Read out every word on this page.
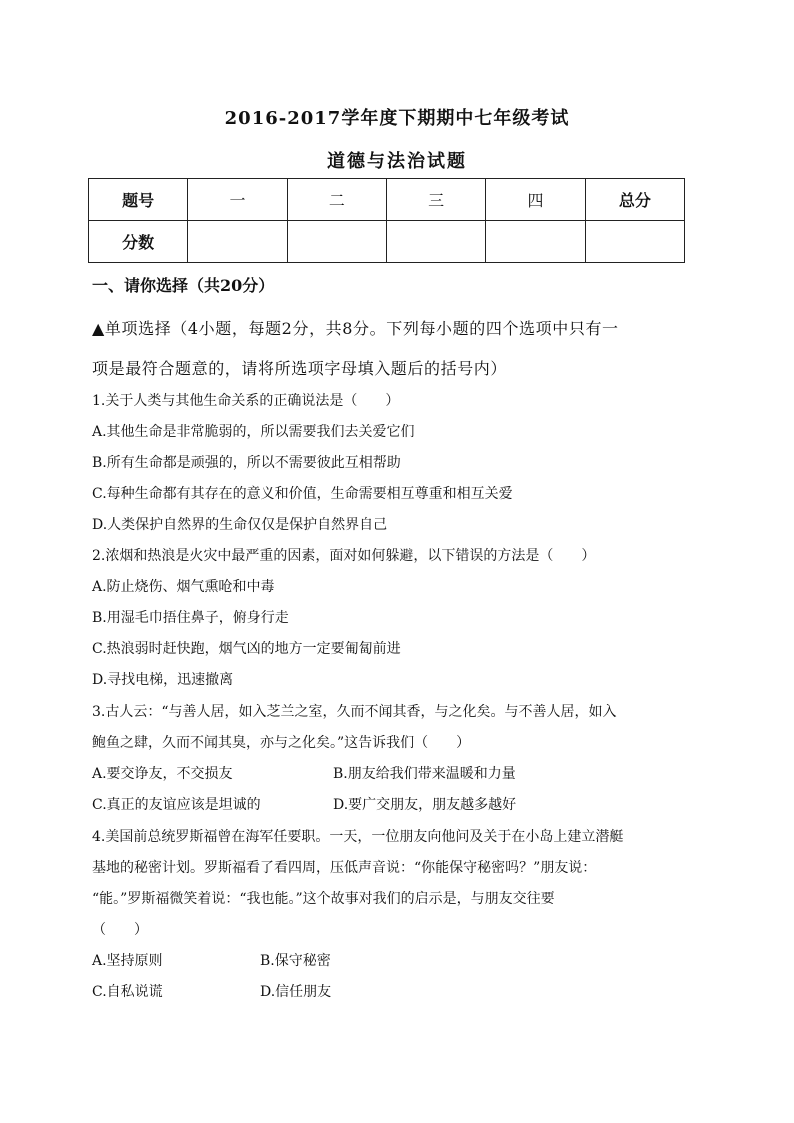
2016-2017学年度下期期中七年级考试
道德与法治试题
题号	一	二	三	四	总分
分数					
一、请你选择（共20分）
▲单项选择（4小题，每题2分，共8分。下列每小题的四个选项中只有一
项是最符合题意的，请将所选项字母填入题后的括号内）
1.关于人类与其他生命关系的正确说法是（　　）
A.其他生命是非常脆弱的，所以需要我们去关爱它们
B.所有生命都是顽强的，所以不需要彼此互相帮助
C.每种生命都有其存在的意义和价值，生命需要相互尊重和相互关爱
D.人类保护自然界的生命仅仅是保护自然界自己
2.浓烟和热浪是火灾中最严重的因素，面对如何躲避，以下错误的方法是（　　）
A.防止烧伤、烟气熏呛和中毒
B.用湿毛巾捂住鼻子，俯身行走
C.热浪弱时赶快跑，烟气凶的地方一定要匍匐前进
D.寻找电梯，迅速撤离
3.古人云：“与善人居，如入芝兰之室，久而不闻其香，与之化矣。与不善人居，如入
鲍鱼之肆，久而不闻其臭，亦与之化矣。”这告诉我们（　　）
A.要交诤友，不交损友	B.朋友给我们带来温暖和力量
C.真正的友谊应该是坦诚的	D.要广交朋友，朋友越多越好
4.美国前总统罗斯福曾在海军任要职。一天，一位朋友向他问及关于在小岛上建立潜艇
基地的秘密计划。罗斯福看了看四周，压低声音说：“你能保守秘密吗？”朋友说：
“能。”罗斯福微笑着说：“我也能。”这个故事对我们的启示是，与朋友交往要
（　　）
A.坚持原则	B.保守秘密
C.自私说谎	D.信任朋友
